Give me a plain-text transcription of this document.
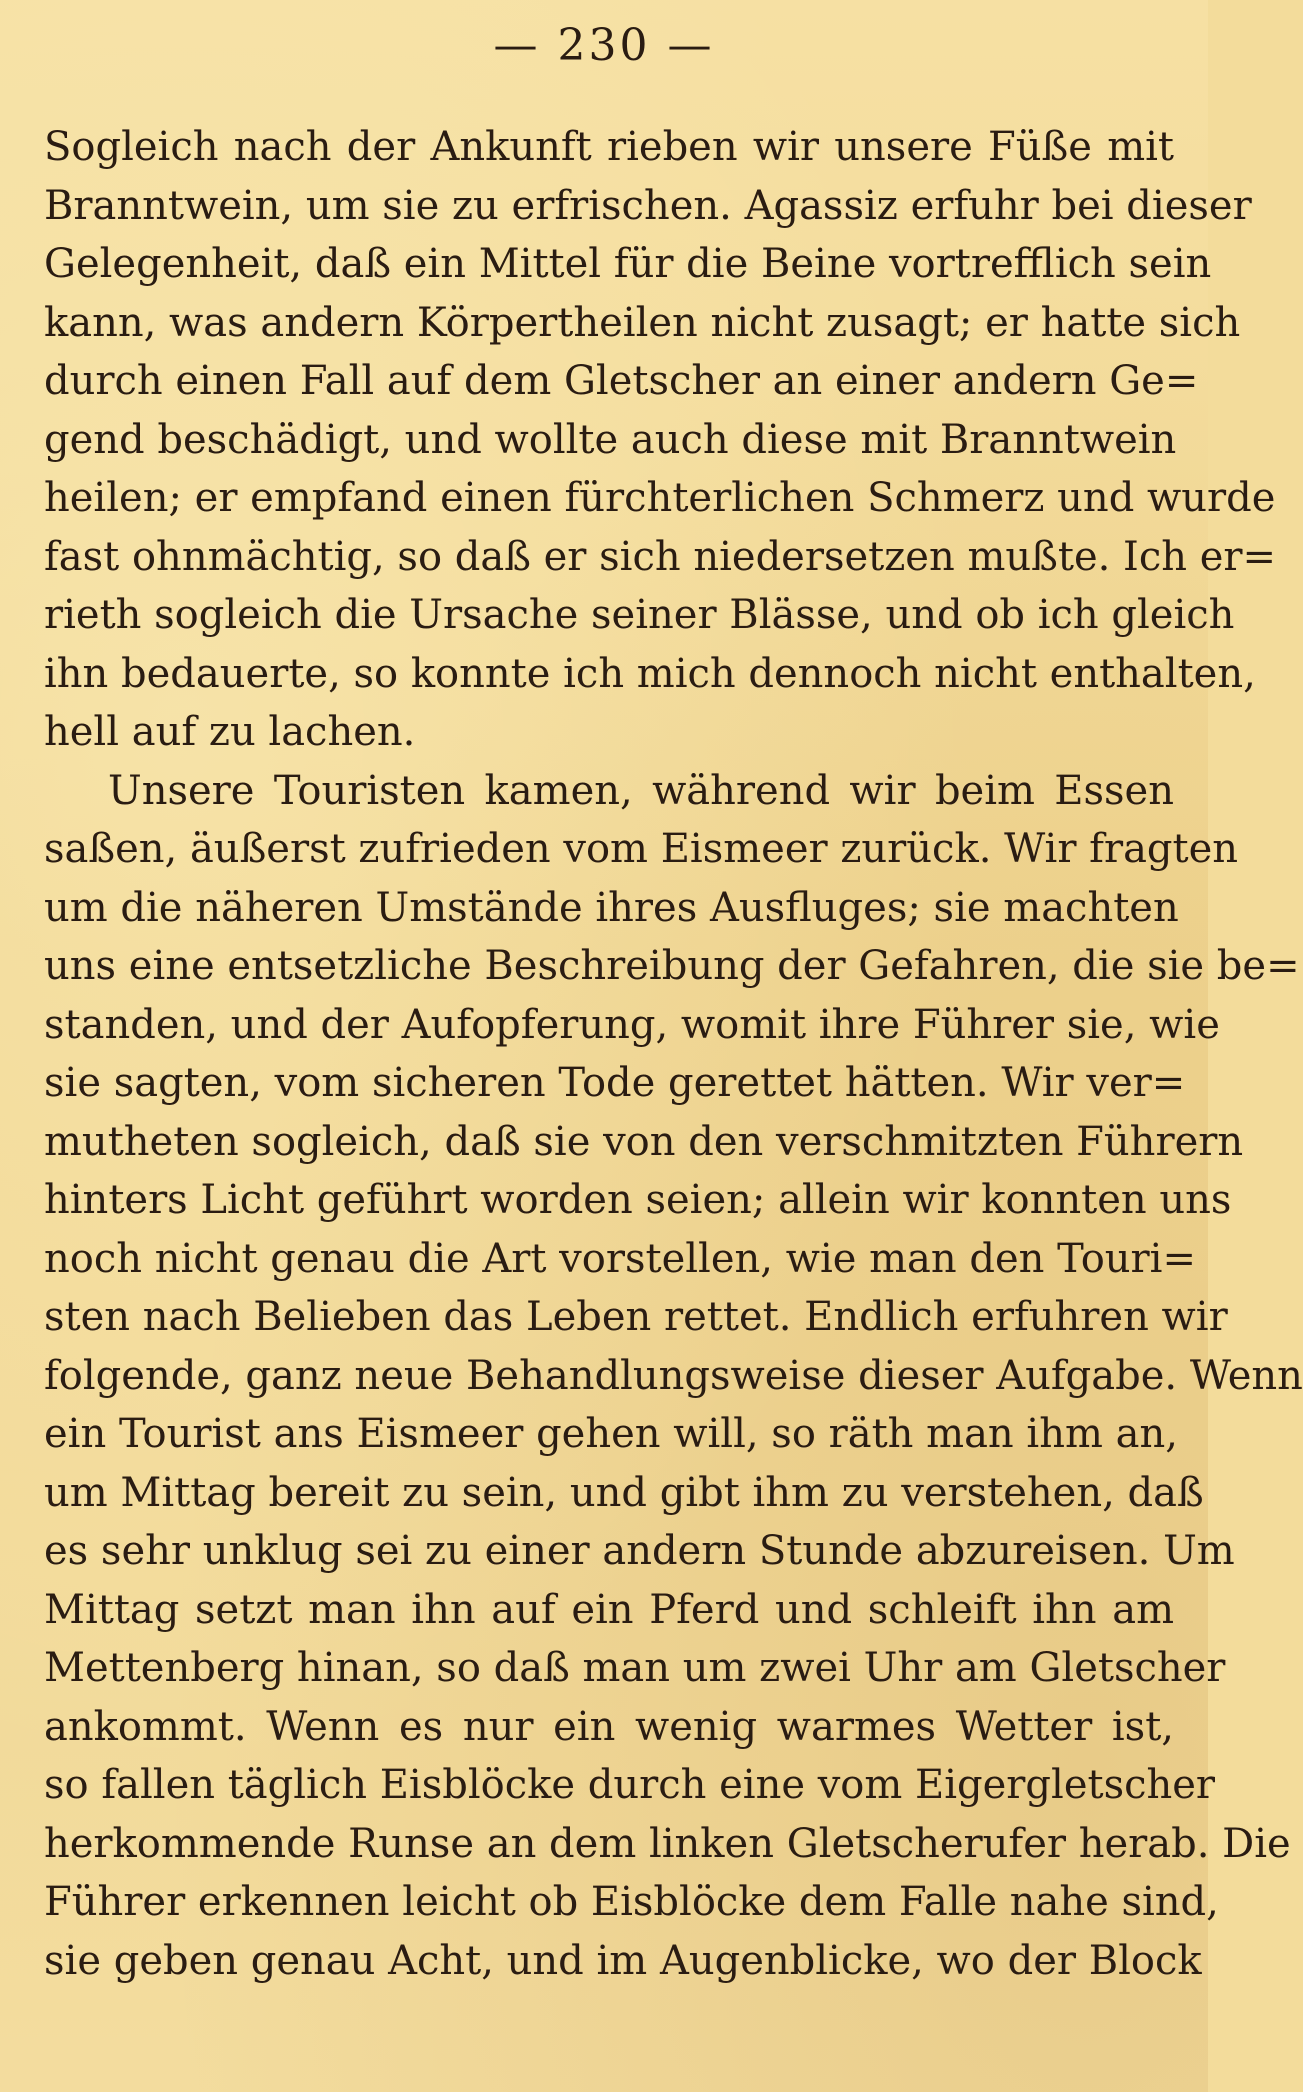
— 230 —
Sogleich nach der Ankunft rieben wir unsere Füße mit
Branntwein, um sie zu erfrischen. Agassiz erfuhr bei dieser
Gelegenheit, daß ein Mittel für die Beine vortrefflich sein
kann, was andern Körpertheilen nicht zusagt; er hatte sich
durch einen Fall auf dem Gletscher an einer andern Ge=
gend beschädigt, und wollte auch diese mit Branntwein
heilen; er empfand einen fürchterlichen Schmerz und wurde
fast ohnmächtig, so daß er sich niedersetzen mußte. Ich er=
rieth sogleich die Ursache seiner Blässe, und ob ich gleich
ihn bedauerte, so konnte ich mich dennoch nicht enthalten,
hell auf zu lachen.
Unsere Touristen kamen, während wir beim Essen
saßen, äußerst zufrieden vom Eismeer zurück. Wir fragten
um die näheren Umstände ihres Ausfluges; sie machten
uns eine entsetzliche Beschreibung der Gefahren, die sie be=
standen, und der Aufopferung, womit ihre Führer sie, wie
sie sagten, vom sicheren Tode gerettet hätten. Wir ver=
mutheten sogleich, daß sie von den verschmitzten Führern
hinters Licht geführt worden seien; allein wir konnten uns
noch nicht genau die Art vorstellen, wie man den Touri=
sten nach Belieben das Leben rettet. Endlich erfuhren wir
folgende, ganz neue Behandlungsweise dieser Aufgabe. Wenn
ein Tourist ans Eismeer gehen will, so räth man ihm an,
um Mittag bereit zu sein, und gibt ihm zu verstehen, daß
es sehr unklug sei zu einer andern Stunde abzureisen. Um
Mittag setzt man ihn auf ein Pferd und schleift ihn am
Mettenberg hinan, so daß man um zwei Uhr am Gletscher
ankommt. Wenn es nur ein wenig warmes Wetter ist,
so fallen täglich Eisblöcke durch eine vom Eigergletscher
herkommende Runse an dem linken Gletscherufer herab. Die
Führer erkennen leicht ob Eisblöcke dem Falle nahe sind,
sie geben genau Acht, und im Augenblicke, wo der Block
